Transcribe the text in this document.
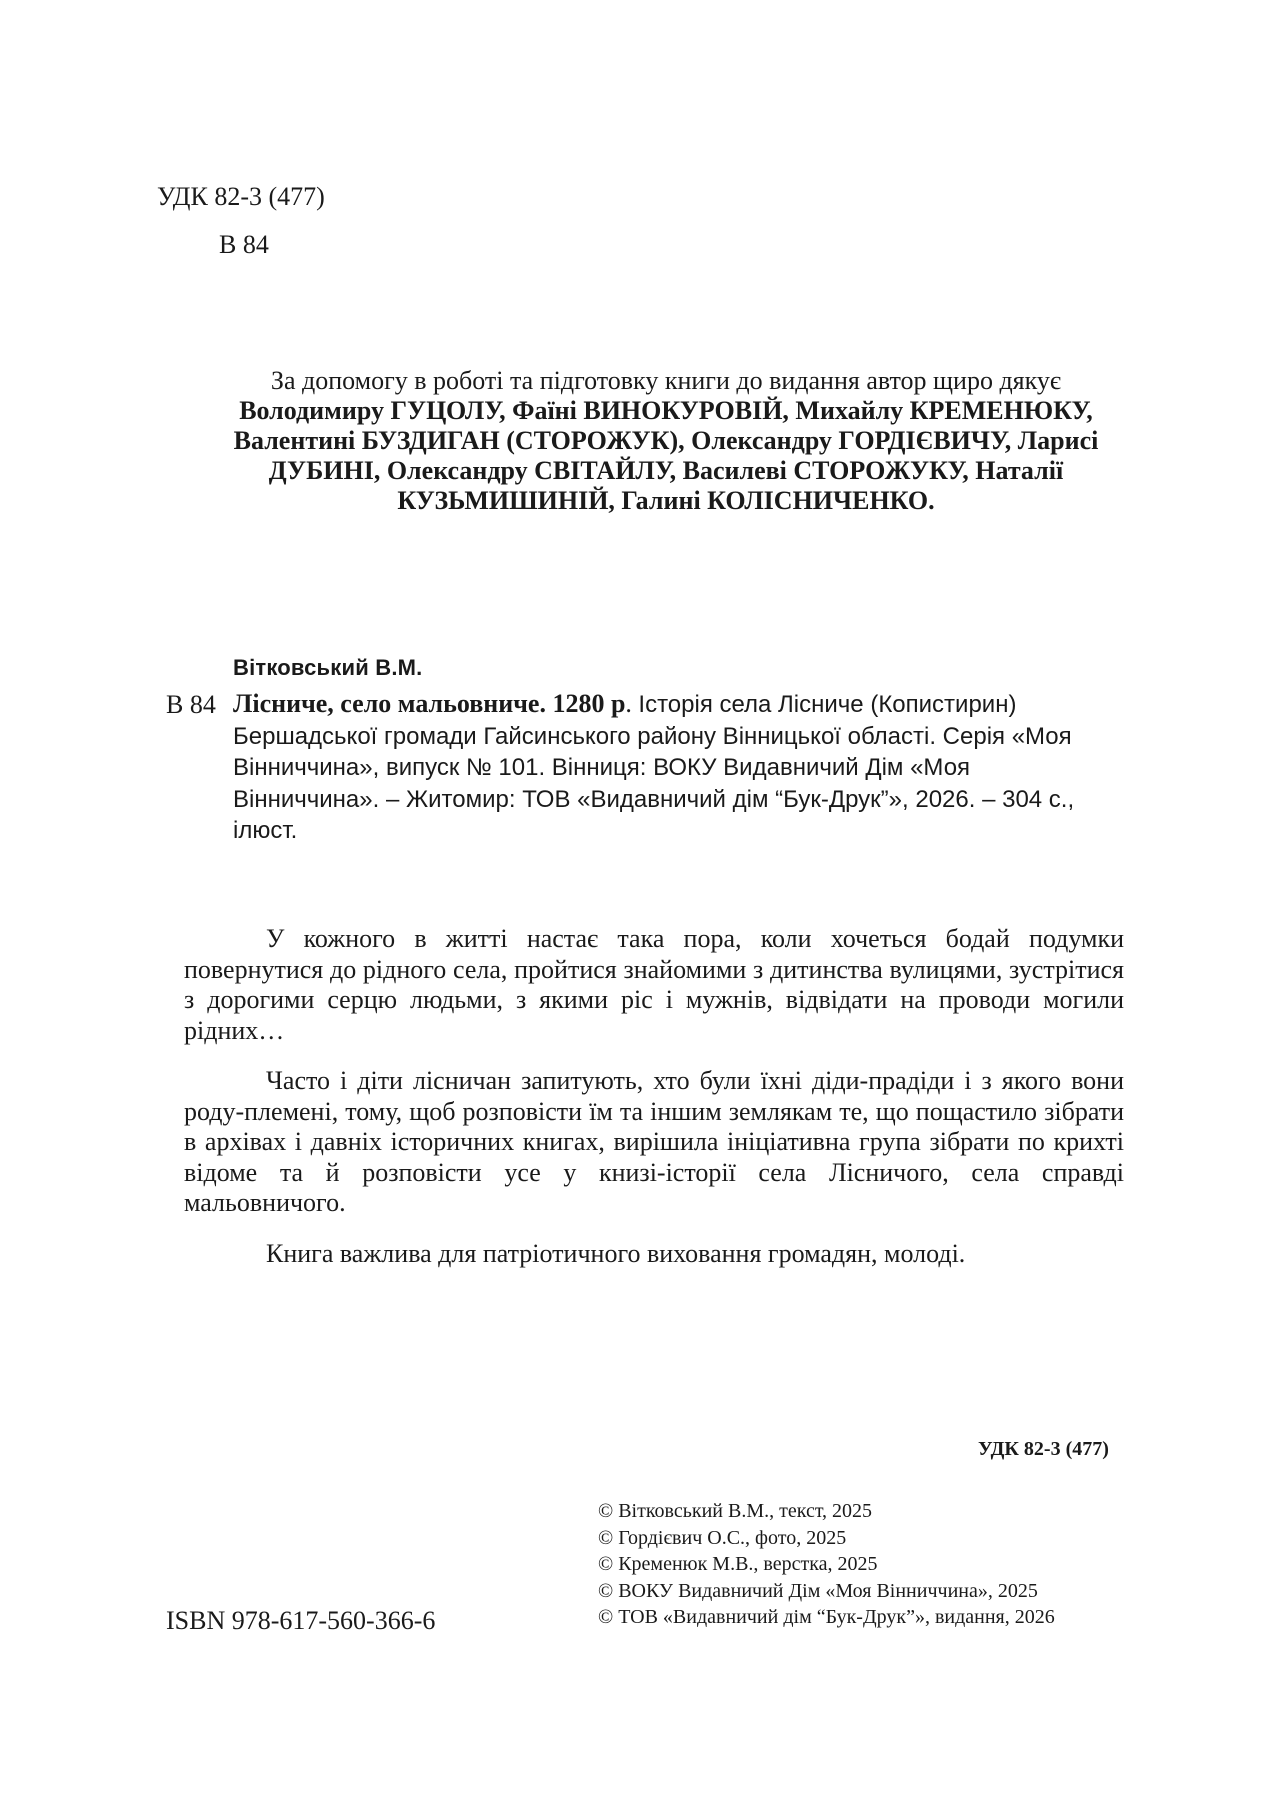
УДК 82-3 (477)
В 84
За допомогу в роботі та підготовку книги до видання автор щиро дякує Володимиру ГУЦОЛУ, Фаїні ВИНОКУРОВІЙ, Михайлу КРЕМЕНЮКУ, Валентині БУЗДИГАН (СТОРОЖУК), Олександру ГОРДІЄВИЧУ, Ларисі ДУБИНІ, Олександру СВІТАЙЛУ, Василеві СТОРОЖУКУ, Наталії КУЗЬМИШИНІЙ, Галині КОЛІСНИЧЕНКО.
Вітковський В.М.
В 84 Лісниче, село мальовниче. 1280 р. Історія села Лісниче (Копистирин) Бершадської громади Гайсинського району Вінницької області. Серія «Моя Вінниччина», випуск № 101. Вінниця: ВОКУ Видавничий Дім «Моя Вінниччина». – Житомир: ТОВ «Видавничий дім “Бук-Друк”», 2026. – 304 с., ілюст.

У кожного в житті настає така пора, коли хочеться бодай подумки повернутися до рідного села, пройтися знайомими з дитинства вулицями, зустрітися з дорогими серцю людьми, з якими ріс і мужнів, відвідати на проводи могили рідних…

Часто і діти лісничан запитують, хто були їхні діди-прадіди і з якого вони роду-племені, тому, щоб розповісти їм та іншим землякам те, що пощастило зібрати в архівах і давніх історичних книгах, вирішила ініціативна група зібрати по крихті відоме та й розповісти усе у книзі-історії села Лісничого, села справді мальовничого.

Книга важлива для патріотичного виховання громадян, молоді.

УДК 82-3 (477)
© Вітковський В.М., текст, 2025
© Гордієвич О.С., фото, 2025
© Кременюк М.В., верстка, 2025
© ВОКУ Видавничий Дім «Моя Вінниччина», 2025
© ТОВ «Видавничий дім “Бук-Друк”», видання, 2026
ISBN 978-617-560-366-6
